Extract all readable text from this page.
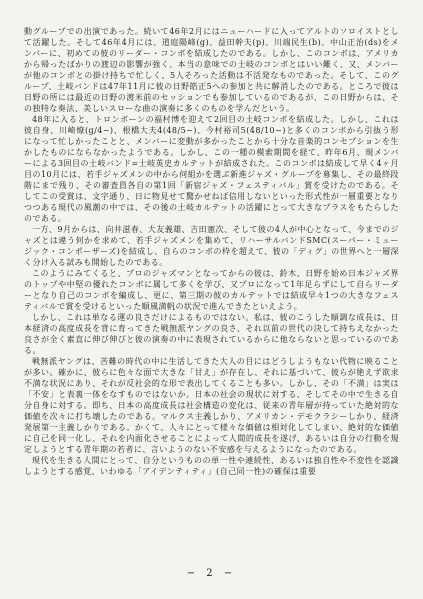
動グループでの出演であった。続いて46年2月にはニューハードに入ってアルトのソロイストとして活躍した。そして46年4月には、道庭陽峰(g)、益田幹夫(p)、川端民生(b)、中山正治(ds)をメンバーに、初めての彼のリーダー・コンボを結成したのである。しかし、このコンボは、アメリカから帰ったばかりの渡辺の影響が強く、本当の意味での土岐のコンボとはいい難く、又、メンバーが他のコンボとの掛け持ちで忙しく、5人そろった活動は不活発なものであった。そして、このグループ、土岐バンドは47年11月に彼の日野皓正5への参加と共に解消したのである。ところで彼は日野の所には最近の日野の渡米前のセッションでも参加しているのであるが、この日野からは、その独特な奏法、美しいスローな曲の演奏に多くのものを学んだという。

48年に入ると、トロンボーンの福村博を迎えて2回目の土岐コンボを結成した。しかし、これは彼自身、川崎燎(g/4~)、根橋大夫4(48/5~)、今村裕司5(48/10~)と多くのコンボから引抜う形になって忙しかったことと、メンバーに変動が多かったことから十分な音楽的コンセプションを生かしたものにならなかったようである。しかし、この一種の模索期間を経て、昨年6月、現メンバーによる3回目の土岐バンド=土岐英史カルテットが結成された。このコンボは結成して早く4ヶ月目の10月には、若手ジャズメンの中から何組かを選ぶ新進ジャズ・グループを募集し、その最終段階にまで残り、その審査員各自の第1回「新宿ジャズ・フェスティバル」賞を受けたのである。そしてこの受賞は、文字通り、日に物見せて驚かせねば信用しないといった形式性が一層重要となりつつある現代の風潮の中では、その後の土岐カルテットの活躍にとって大きなプラスをもたらしたのである。

一方、9月からは、向井滋春、大友義雄、吉田憲次、そして彼の4人が中心となって、今までのジャズとは違う何かを求めて、若手ジャズメンを集めて、リハーサルバンドSMC(スーパー・ミュージック・コンポーザーズ)を結成し、自らのコンボの枠を超えて、彼の「ディグ」の世界へと一層深く分け入る試みも開始したのである。

このようにみてくると、プロのジャズマンとなってからの彼は、鈴木、日野を始め日本ジャズ界のトップや中堅の優れたコンボに属して多くを学び、又プロになって1年足らずにして自らリーダーとなり自己のコンボを編成し、更に、第三期の彼のカルテットでは結成早々1つの大きなフェスティバルで賞を受けるといった順風満帆の状況で進んできたといえよう。

しかし、これは単なる運の良さだけによるものではない。私は、彼のこうした順調な成長は、日本経済の高度成長を背に育ってきた戦無派ヤングの良さ、それ以前の世代の決して持ちえなかった良さが全く素直に伸び伸びと彼の演奏の中に表現されているからに他ならないと思っているのである。

戦無派ヤングは、苦難の時代の中に生活してきた大人の目にはどうしようもない代物に映ることが多い。確かに、彼らに色々な面で大きな「甘え」が存在し、それに基づいて、彼らが絶えず欲求不満な状況にあり、それが反社会的な形で表出してくることも多い。しかし、その「不満」は実は「不安」と表裏一体をなすものではないか。日本の社会の現状に対する、そしてその中で生きる自分自身に対する。即ち、日本の高度成長は社会構造の変化は、従来の青年層が持っていた絶対的な価値を次々に打ち壊したのである。マルクス主義しかり、アメリカン・デモクラシーしかり、経済発展第一主義しかりである。かくて、人々にとって様々な価値は相対化してしまい、絶対的な価値に自己を同一化し、それを内面化させることによって人間的成長を遂げ、あるいは自分の行動を規定しようとする青年期の若者に、言いようのない不安感を与えるようになったのである。

現代を生きる人間にとって、自分というものの単一性や連続性、あるいは独自性や不変性を認識しようとする感覚、いわゆる「アイデンティティ」(自己同一性)の確保は重要

− 2 −
